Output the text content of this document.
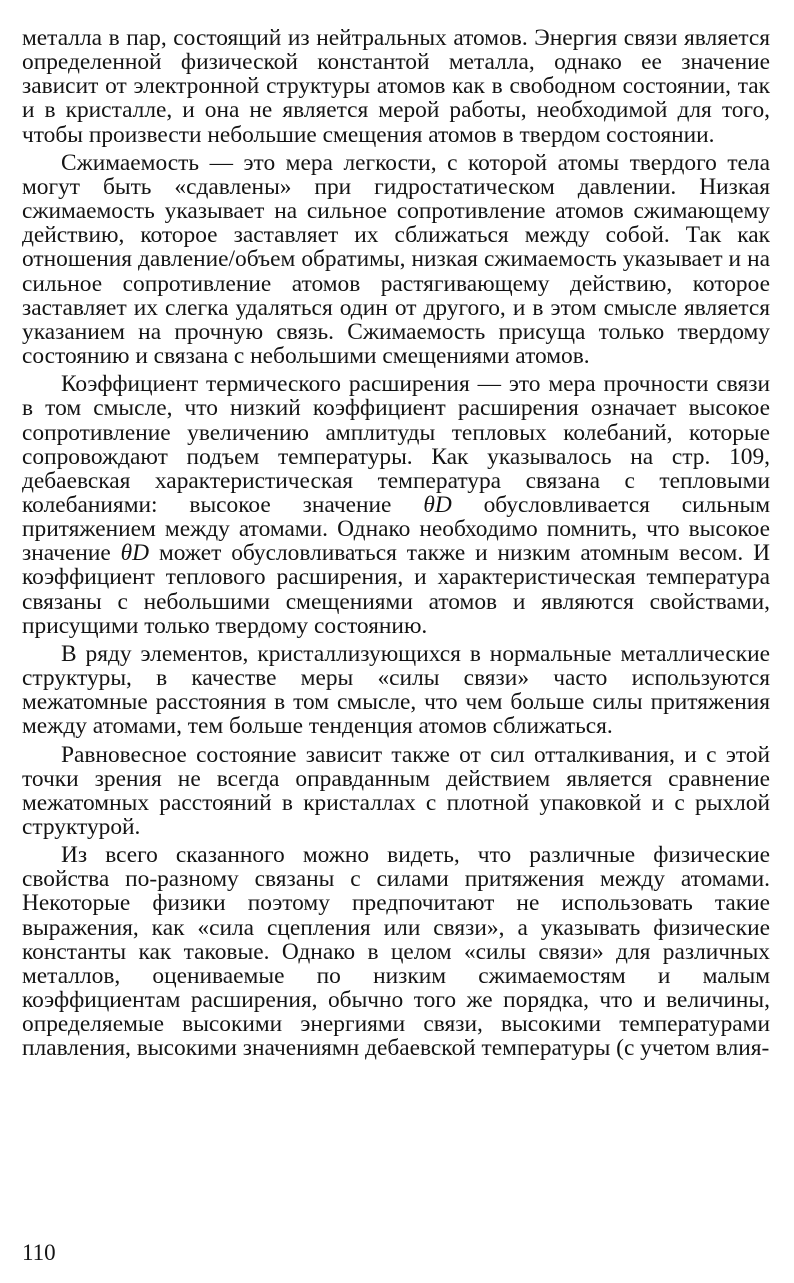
металла в пар, состоящий из нейтральных атомов. Энергия связи является определенной физической константой металла, однако ее значение зависит от электронной структуры атомов как в свободном состоянии, так и в кристалле, и она не является мерой работы, необходимой для того, чтобы произвести небольшие смещения атомов в твердом состоянии.

Сжимаемость — это мера легкости, с которой атомы твердого тела могут быть «сдавлены» при гидростатическом давлении. Низкая сжимаемость указывает на сильное сопротивление атомов сжимающему действию, которое заставляет их сближаться между собой. Так как отношения давление/объем обратимы, низкая сжимаемость указывает и на сильное сопротивление атомов растягивающему действию, которое заставляет их слегка удаляться один от другого, и в этом смысле является указанием на прочную связь. Сжимаемость присуща только твердому состоянию и связана с небольшими смещениями атомов.

Коэффициент термического расширения — это мера прочности связи в том смысле, что низкий коэффициент расширения означает высокое сопротивление увеличению амплитуды тепловых колебаний, которые сопровождают подъем температуры. Как указывалось на стр. 109, дебаевская характеристическая температура связана с тепловыми колебаниями: высокое значение θD обусловливается сильным притяжением между атомами. Однако необходимо помнить, что высокое значение θD может обусловливаться также и низким атомным весом. И коэффициент теплового расширения, и характеристическая температура связаны с небольшими смещениями атомов и являются свойствами, присущими только твердому состоянию.

В ряду элементов, кристаллизующихся в нормальные металлические структуры, в качестве меры «силы связи» часто используются межатомные расстояния в том смысле, что чем больше силы притяжения между атомами, тем больше тенденция атомов сближаться.

Равновесное состояние зависит также от сил отталкивания, и с этой точки зрения не всегда оправданным действием является сравнение межатомных расстояний в кристаллах с плотной упаковкой и с рыхлой структурой.

Из всего сказанного можно видеть, что различные физические свойства по-разному связаны с силами притяжения между атомами. Некоторые физики поэтому предпочитают не использовать такие выражения, как «сила сцепления или связи», а указывать физические константы как таковые. Однако в целом «силы связи» для различных металлов, оцениваемые по низким сжимаемостям и малым коэффициентам расширения, обычно того же порядка, что и величины, определяемые высокими энергиями связи, высокими температурами плавления, высокими значениямн дебаевской температуры (с учетом влия-

110
